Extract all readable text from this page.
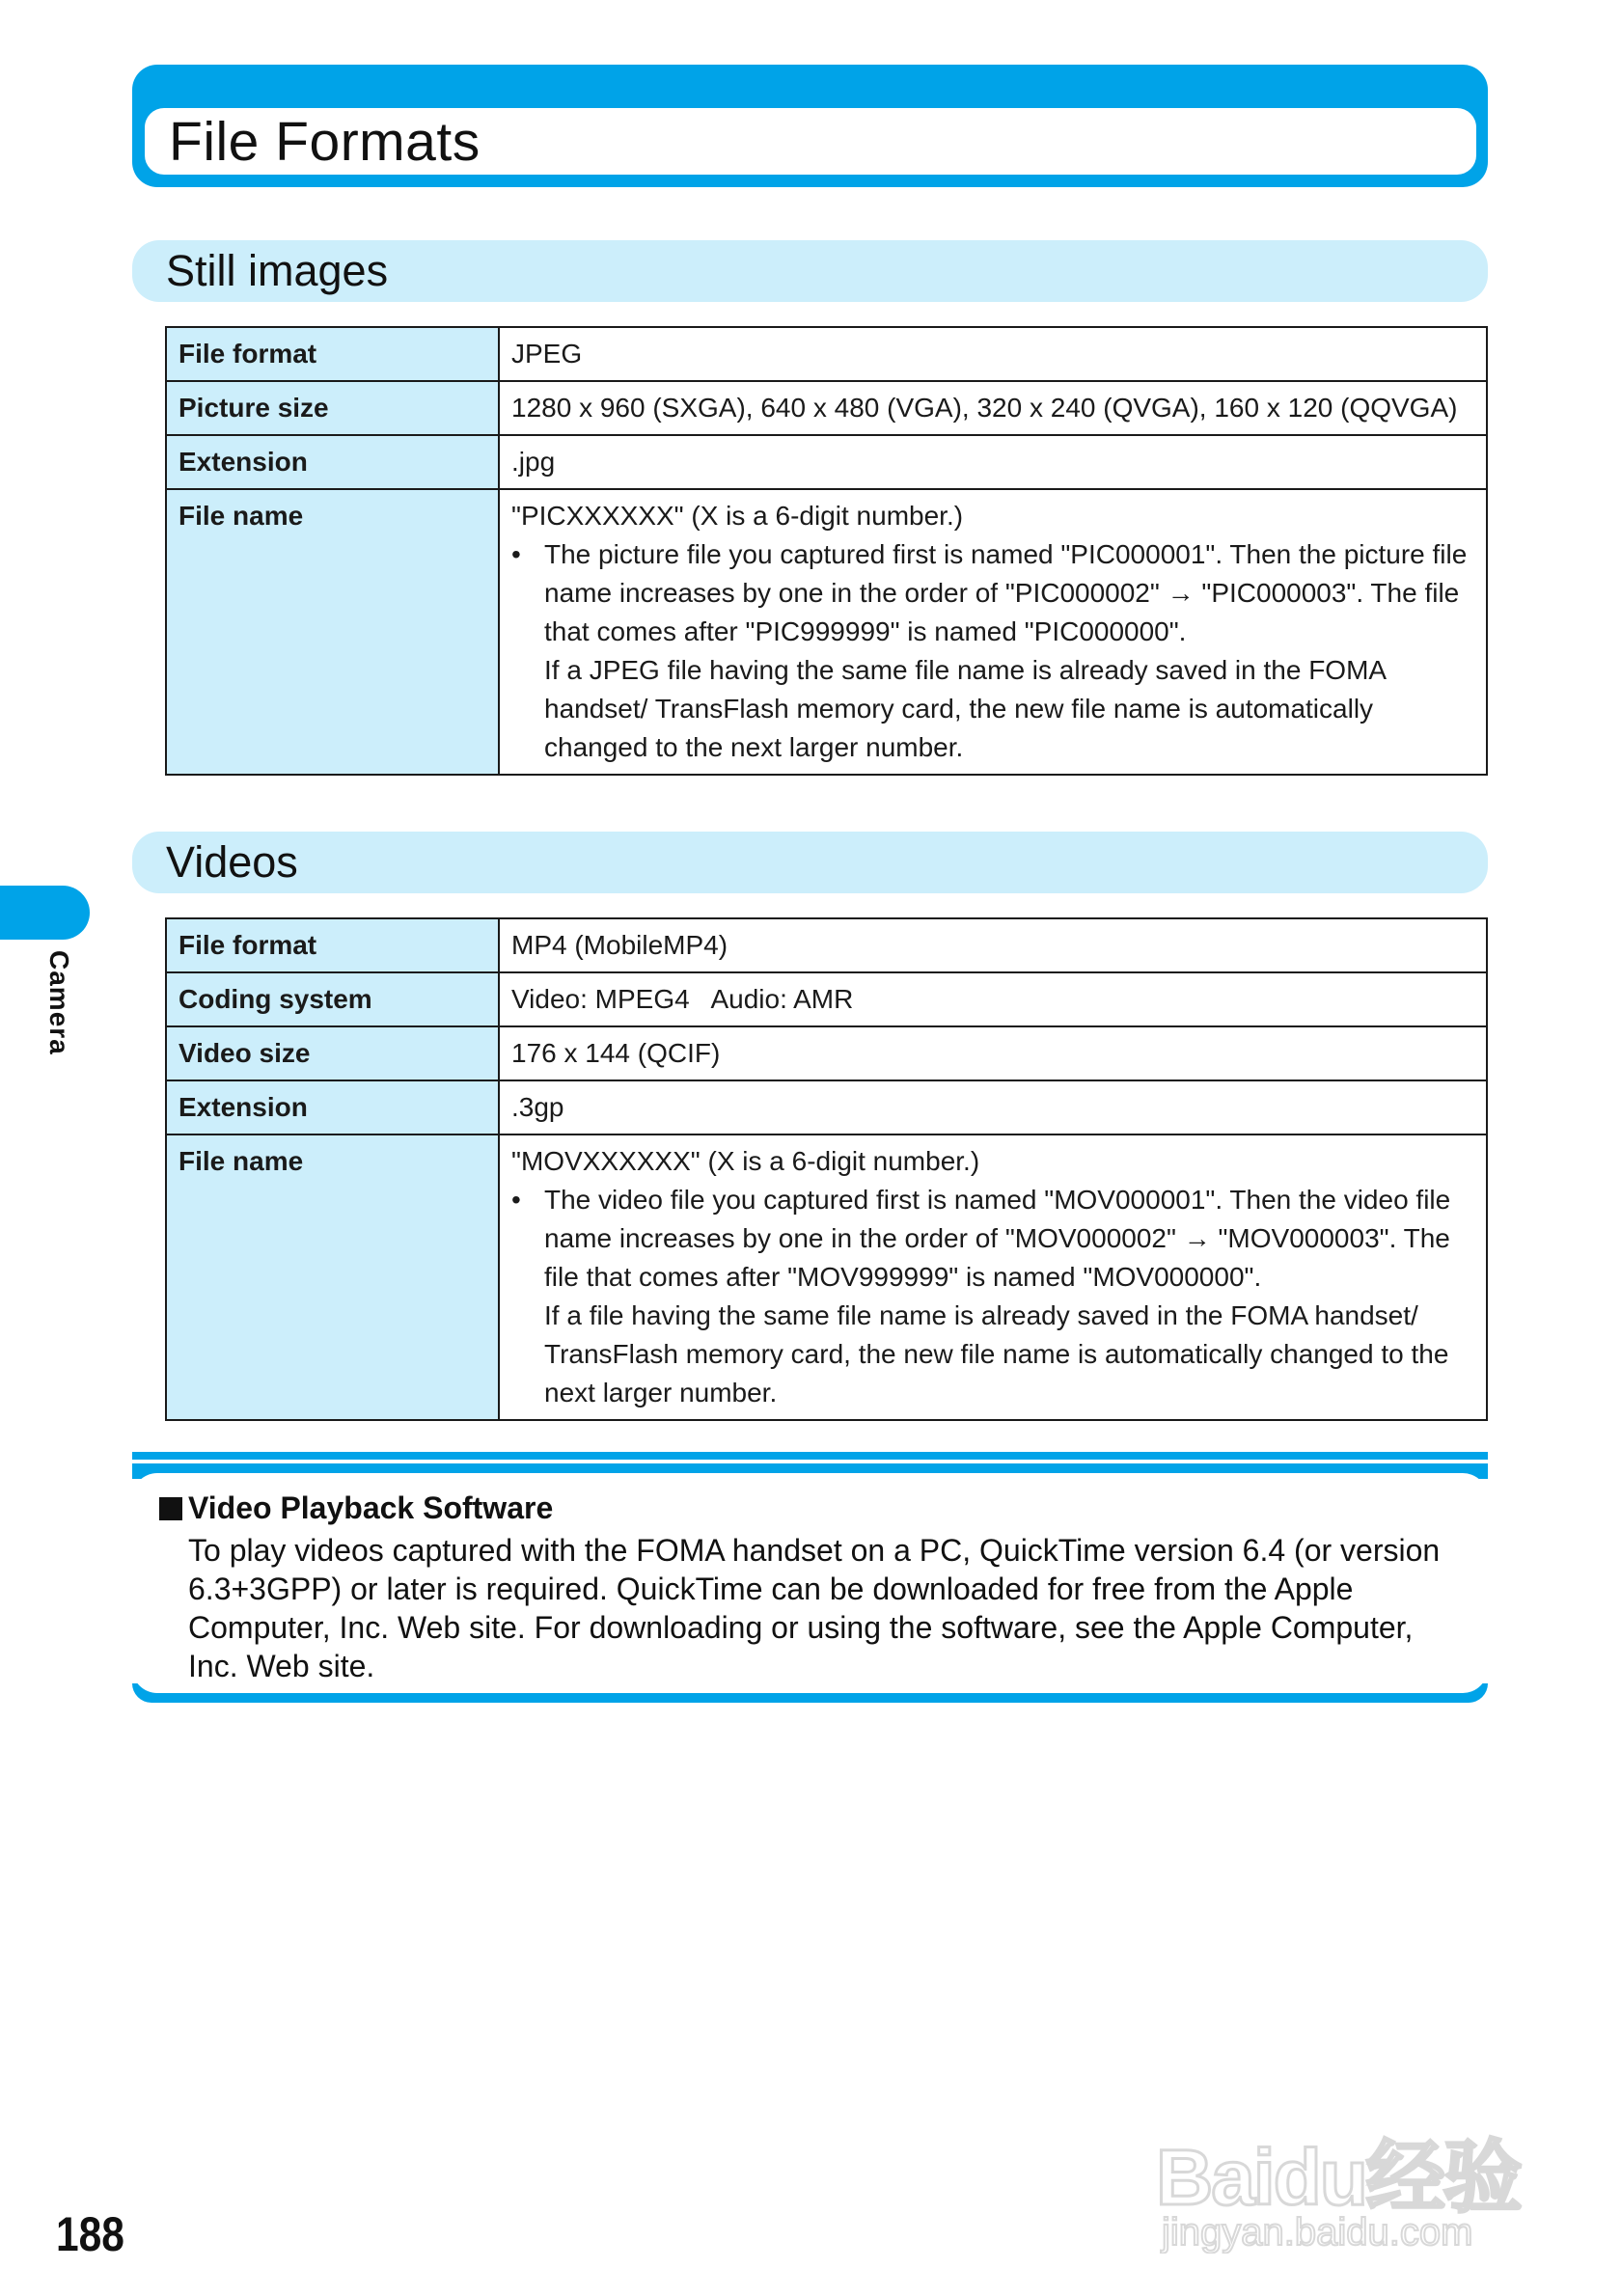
File Formats
Still images
File format	JPEG
Picture size	1280 x 960 (SXGA), 640 x 480 (VGA), 320 x 240 (QVGA), 160 x 120 (QQVGA)
Extension	.jpg
File name	"PICXXXXXX" (X is a 6-digit number.)
• The picture file you captured first is named "PIC000001". Then the picture file name increases by one in the order of "PIC000002" → "PIC000003". The file that comes after "PIC999999" is named "PIC000000".
If a JPEG file having the same file name is already saved in the FOMA handset/ TransFlash memory card, the new file name is automatically changed to the next larger number.
Camera
Videos
File format	MP4 (MobileMP4)
Coding system	Video: MPEG4   Audio: AMR
Video size	176 x 144 (QCIF)
Extension	.3gp
File name	"MOVXXXXXX" (X is a 6-digit number.)
• The video file you captured first is named "MOV000001". Then the video file name increases by one in the order of "MOV000002" → "MOV000003". The file that comes after "MOV999999" is named "MOV000000".
If a file having the same file name is already saved in the FOMA handset/ TransFlash memory card, the new file name is automatically changed to the next larger number.
Video Playback Software
To play videos captured with the FOMA handset on a PC, QuickTime version 6.4 (or version 6.3+3GPP) or later is required. QuickTime can be downloaded for free from the Apple Computer, Inc. Web site. For downloading or using the software, see the Apple Computer, Inc. Web site.
188
Baidu经验
jingyan.baidu.com
